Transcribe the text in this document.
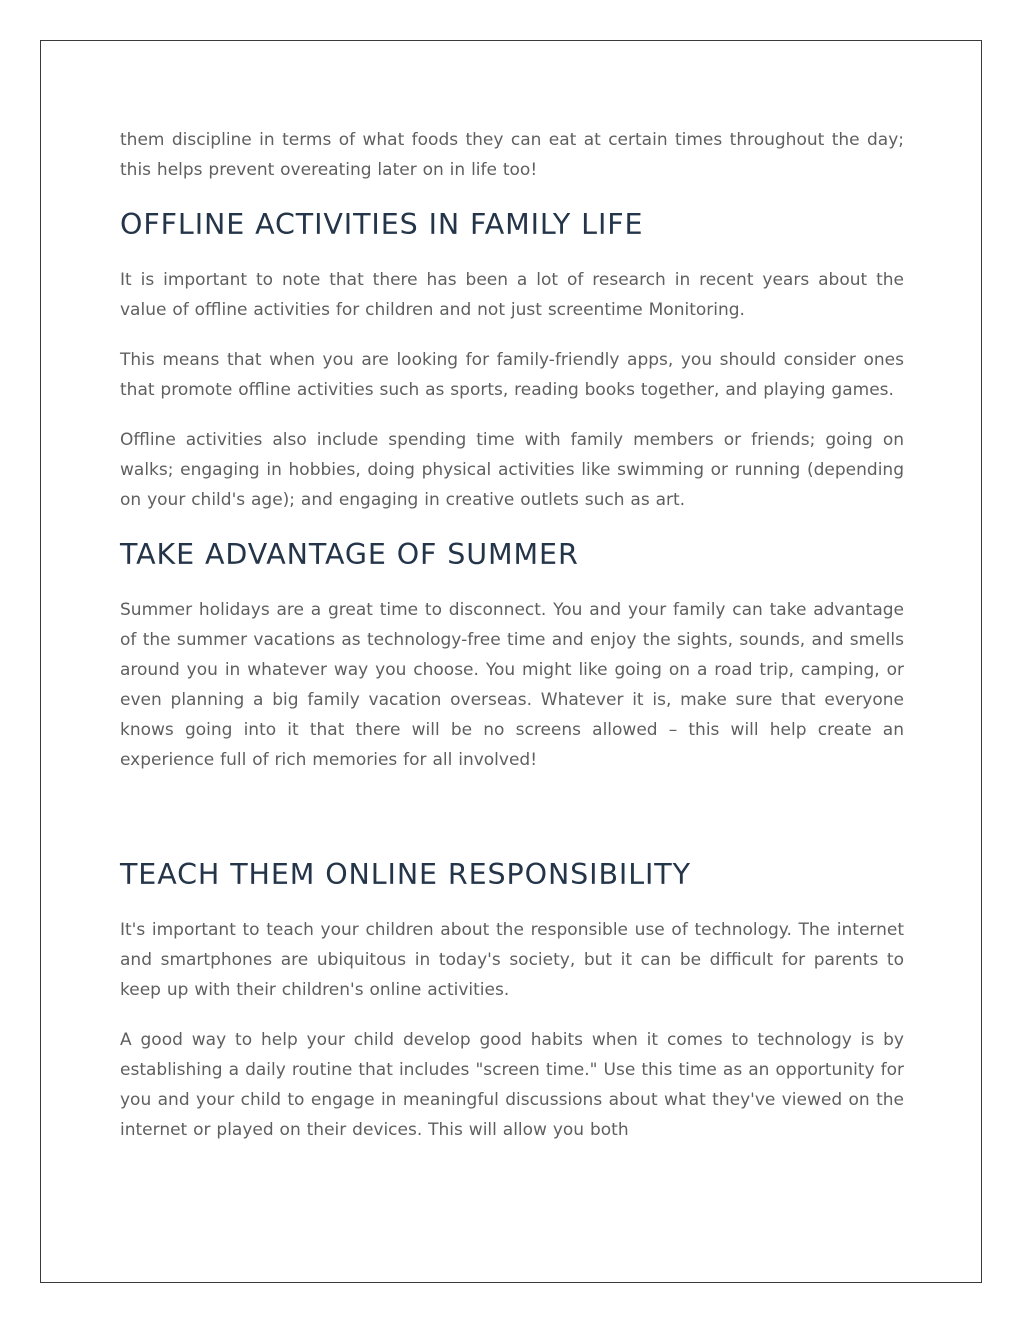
them discipline in terms of what foods they can eat at certain times throughout the day; this helps prevent overeating later on in life too!

OFFLINE ACTIVITIES IN FAMILY LIFE

It is important to note that there has been a lot of research in recent years about the value of offline activities for children and not just screentime Monitoring.

This means that when you are looking for family-friendly apps, you should consider ones that promote offline activities such as sports, reading books together, and playing games.

Offline activities also include spending time with family members or friends; going on walks; engaging in hobbies, doing physical activities like swimming or running (depending on your child's age); and engaging in creative outlets such as art.

TAKE ADVANTAGE OF SUMMER

Summer holidays are a great time to disconnect. You and your family can take advantage of the summer vacations as technology-free time and enjoy the sights, sounds, and smells around you in whatever way you choose. You might like going on a road trip, camping, or even planning a big family vacation overseas. Whatever it is, make sure that everyone knows going into it that there will be no screens allowed – this will help create an experience full of rich memories for all involved!

TEACH THEM ONLINE RESPONSIBILITY

It's important to teach your children about the responsible use of technology. The internet and smartphones are ubiquitous in today's society, but it can be difficult for parents to keep up with their children's online activities.

A good way to help your child develop good habits when it comes to technology is by establishing a daily routine that includes "screen time." Use this time as an opportunity for you and your child to engage in meaningful discussions about what they've viewed on the internet or played on their devices. This will allow you both
